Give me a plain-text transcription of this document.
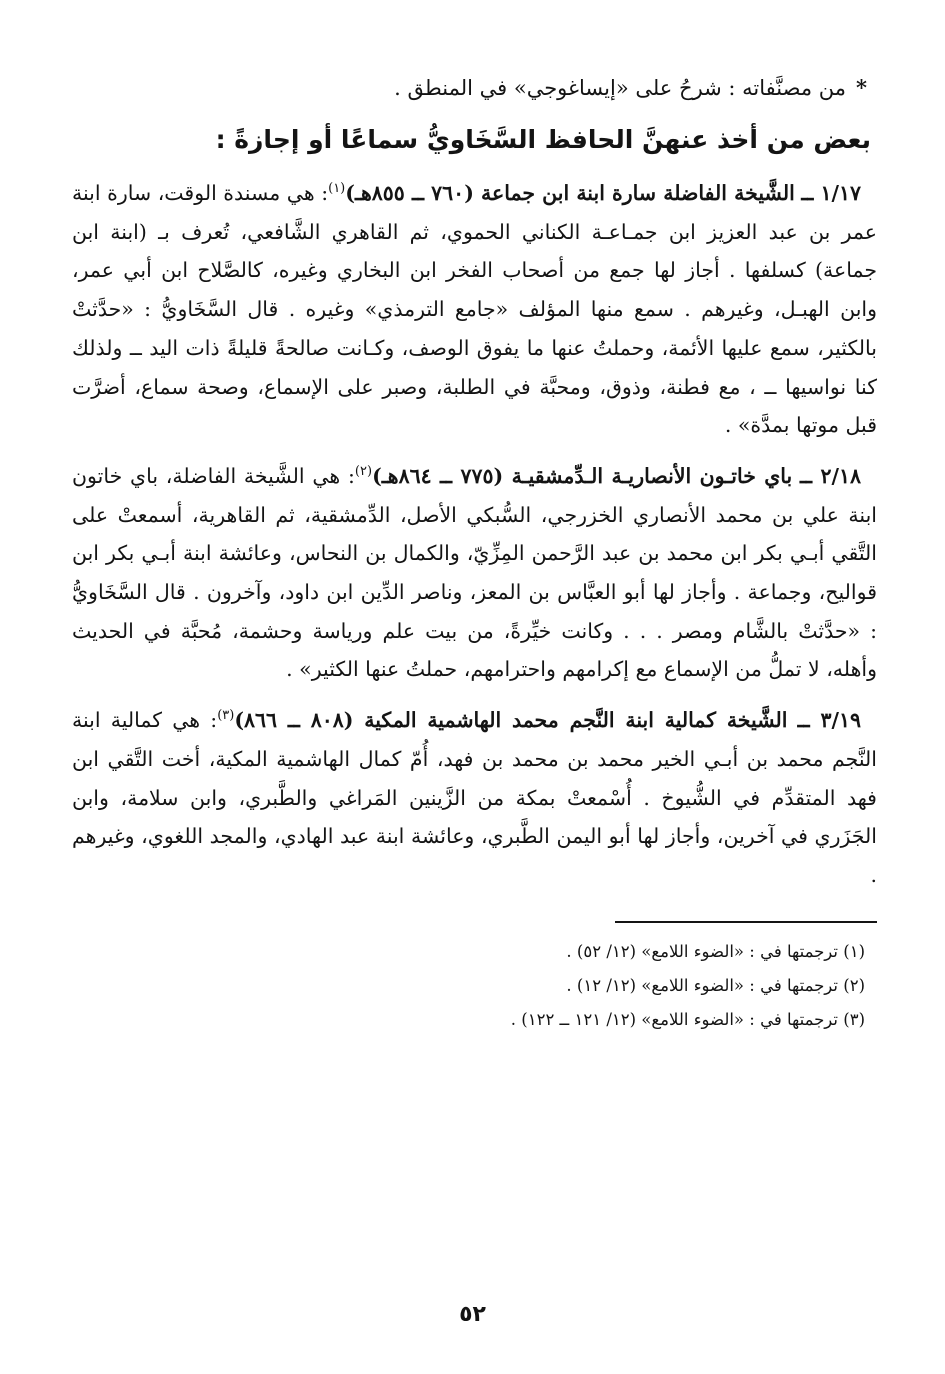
*من مصنَّفاته : شرحُ على «إيساغوجي» في المنطق .

بعض من أخذ عنهنَّ الحافظ السَّخَاويُّ سماعًا أو إجازةً :

١/١٧ ــ الشَّيخة الفاضلة سارة ابنة ابن جماعة (٧٦٠ ــ ٨٥٥هـ)$^{(١)}$: هي مسندة الوقت، سارة ابنة عمر بن عبد العزيز ابن جمـاعـة الكناني الحموي، ثم القاهري الشَّافعي، تُعرف بـ (ابنة ابن جماعة) كسلفها . أجاز لها جمع من أصحاب الفخر ابن البخاري وغيره، كالصَّلاح ابن أبي عمر، وابن الهبـل، وغيرهم . سمع منها المؤلف «جامع الترمذي» وغيره . قال السَّخَاويُّ : «حدَّثتْ بالكثير، سمع عليها الأئمة، وحملتُ عنها ما يفوق الوصف، وكـانت صالحةً قليلةً ذات اليد ــ ولذلك كنا نواسيها ــ ، مع فطنة، وذوق، ومحبَّة في الطلبة، وصبر على الإسماع، وصحة سماع، أضرَّت قبل موتها بمدَّة» .

٢/١٨ ــ باي خاتـون الأنصاريـة الـدِّمشقيـة (٧٧٥ ــ ٨٦٤هـ)$^{(٢)}$: هي الشَّيخة الفاضلة، باي خاتون ابنة علي بن محمد الأنصاري الخزرجي، السُّبكي الأصل، الدِّمشقية، ثم القاهرية، أسمعتْ على التَّقي أبـي بكر ابن محمد بن عبد الرَّحمن المِزِّيّ، والكمال بن النحاس، وعائشة ابنة أبـي بكر ابن قواليح، وجماعة . وأجاز لها أبو العبَّاس بن المعز، وناصر الدِّين ابن داود، وآخرون . قال السَّخَاويُّ : «حدَّثتْ بالشَّام ومصر . . . وكانت خيِّرةً، من بيت علم ورياسة وحشمة، مُحبَّة في الحديث وأهله، لا تملُّ من الإسماع مع إكرامهم واحترامهم، حملتُ عنها الكثير» .

٣/١٩ ــ الشَّيخة كمالية ابنة النَّجم محمد الهاشمية المكية (٨٠٨ ــ ٨٦٦)$^{(٣)}$: هي كمالية ابنة النَّجم محمد بن أبـي الخير محمد بن محمد بن فهد، أُمّ كمال الهاشمية المكية، أخت التَّقي ابن فهد المتقدِّم في الشُّيوخ . أُسْمعتْ بمكة من الزَّينين المَراغي والطَّبري، وابن سلامة، وابن الجَزَري في آخرين، وأجاز لها أبو اليمن الطَّبري، وعائشة ابنة عبد الهادي، والمجد اللغوي، وغيرهم .

(١) ترجمتها في : «الضوء اللامع» (١٢/ ٥٢) .
(٢) ترجمتها في : «الضوء اللامع» (١٢/ ١٢) .
(٣) ترجمتها في : «الضوء اللامع» (١٢/ ١٢١ ــ ١٢٢) .
٥٢
